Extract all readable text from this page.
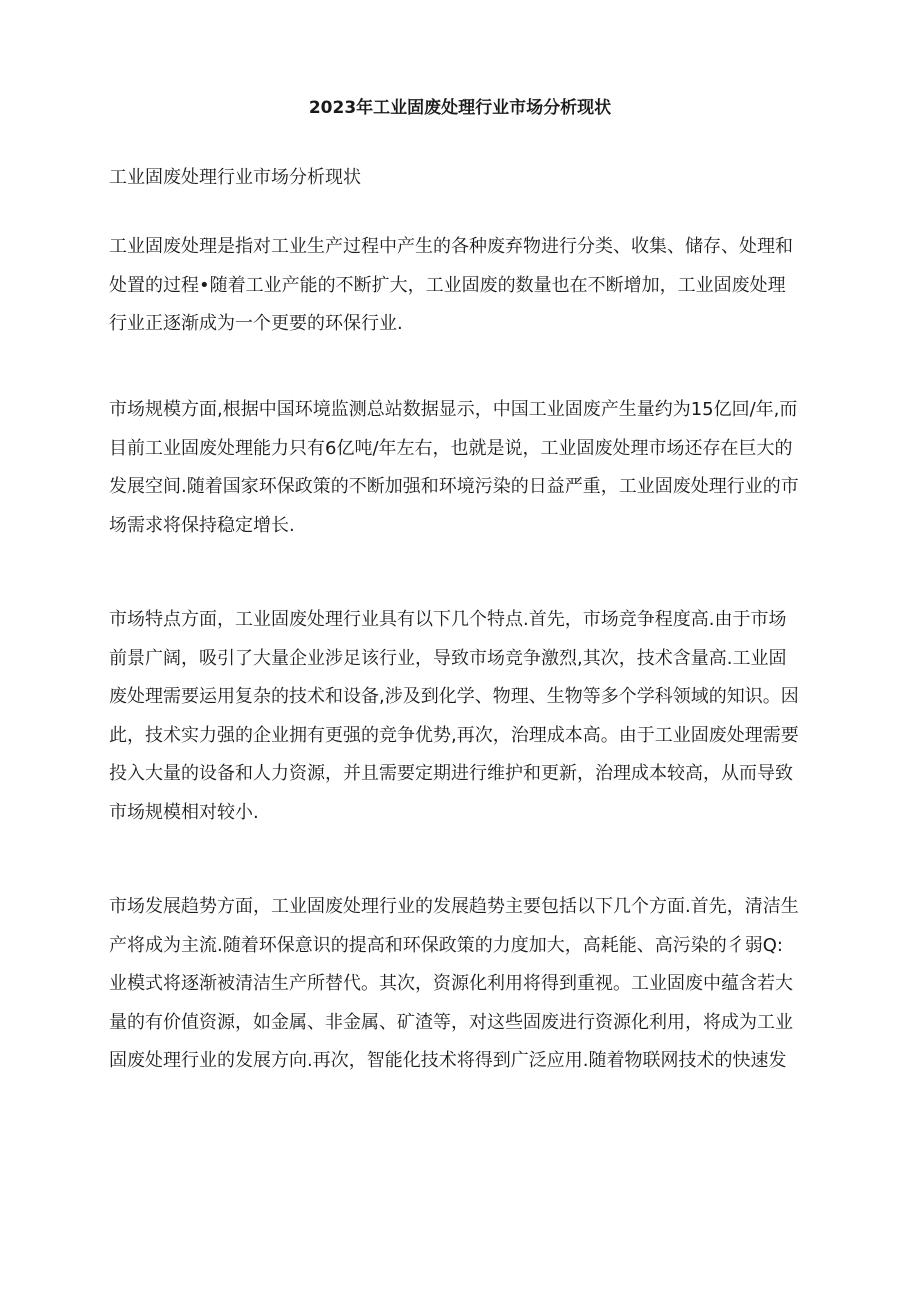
2023年工业固废处理行业市场分析现状
工业固废处理行业市场分析现状

工业固废处理是指对工业生产过程中产生的各种废弃物进行分类、收集、储存、处理和
处置的过程•随着工业产能的不断扩大，工业固废的数量也在不断增加，工业固废处理
行业正逐渐成为一个更要的环保行业.

市场规模方面,根据中国环境监测总站数据显示，中国工业固废产生量约为15亿回/年,而
目前工业固废处理能力只有6亿吨/年左右，也就是说，工业固废处理市场还存在巨大的
发展空间.随着国家环保政策的不断加强和环境污染的日益严重，工业固废处理行业的市
场需求将保持稳定增长.

市场特点方面，工业固废处理行业具有以下几个特点.首先，市场竞争程度高.由于市场
前景广阔，吸引了大量企业涉足该行业，导致市场竞争激烈,其次，技术含量高.工业固
废处理需要运用复杂的技术和设备,涉及到化学、物理、生物等多个学科领域的知识。因
此，技术实力强的企业拥有更强的竞争优势,再次，治理成本高。由于工业固废处理需要
投入大量的设备和人力资源，并且需要定期进行维护和更新，治理成本较高，从而导致
市场规模相对较小.

市场发展趋势方面，工业固废处理行业的发展趋势主要包括以下几个方面.首先，清洁生
产将成为主流.随着环保意识的提高和环保政策的力度加大，高耗能、高污染的彳弱Q:
业模式将逐渐被清洁生产所替代。其次，资源化利用将得到重视。工业固废中蕴含若大
量的有价值资源，如金属、非金属、矿渣等，对这些固废进行资源化利用，将成为工业
固废处理行业的发展方向.再次，智能化技术将得到广泛应用.随着物联网技术的快速发
